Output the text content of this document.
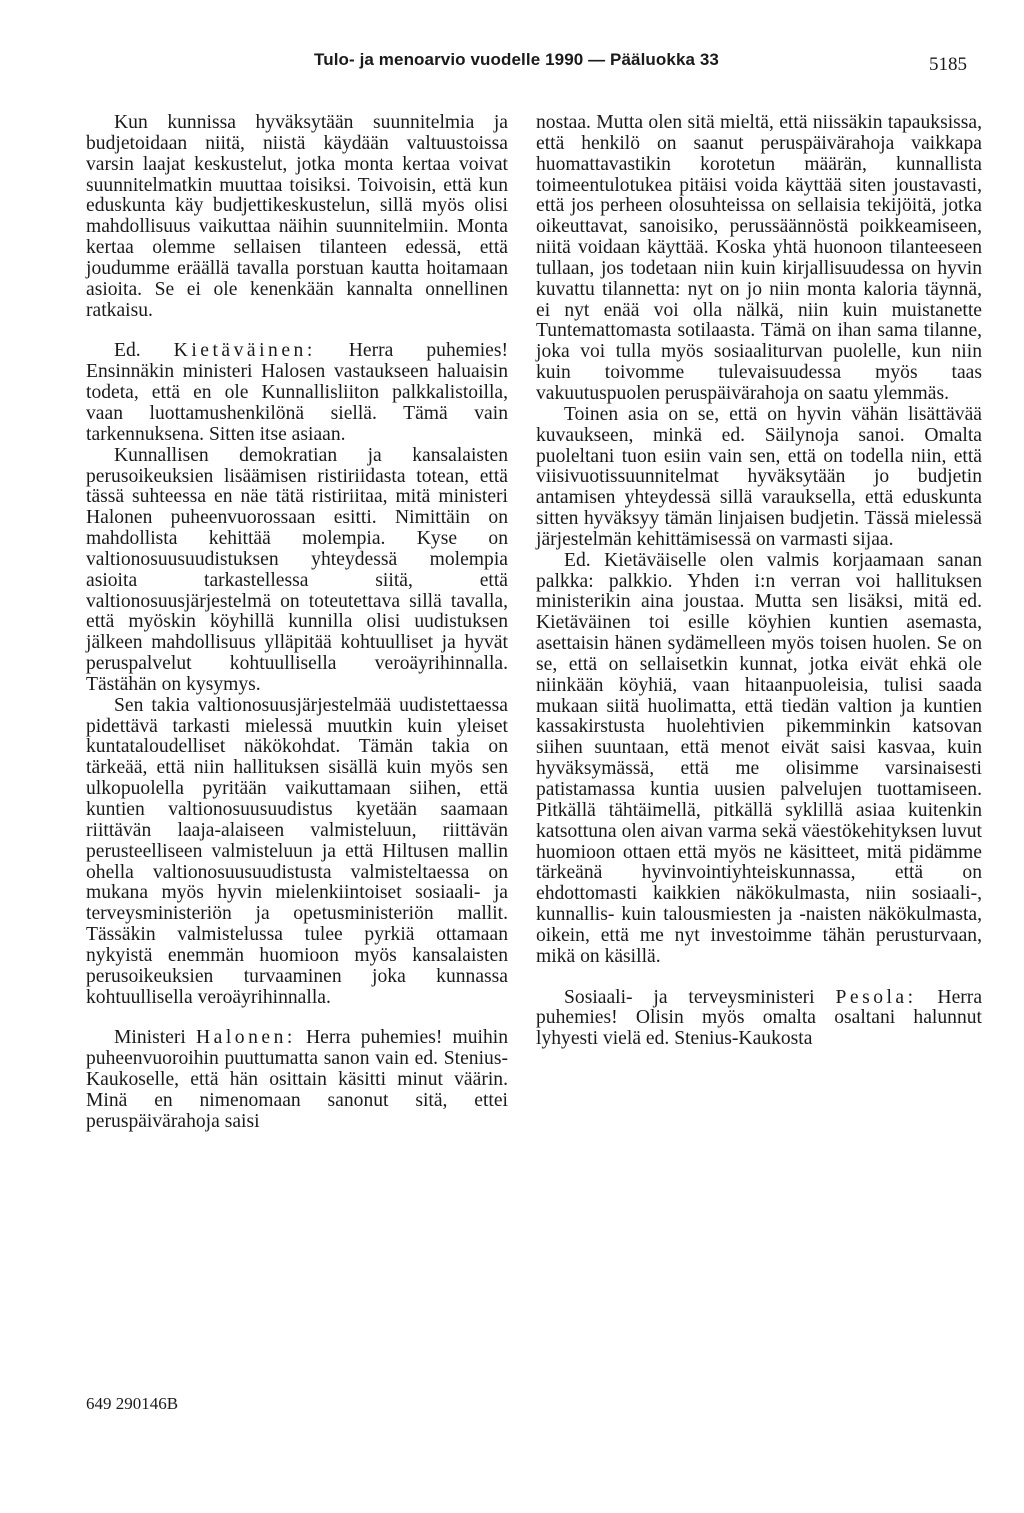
Tulo- ja menoarvio vuodelle 1990 — Pääluokka 33	5185

Kun kunnissa hyväksytään suunnitelmia ja budjetoidaan niitä, niistä käydään valtuustoissa varsin laajat keskustelut, jotka monta kertaa voivat suunnitelmatkin muuttaa toisiksi. Toivoisin, että kun eduskunta käy budjettikeskustelun, sillä myös olisi mahdollisuus vaikuttaa näihin suunnitelmiin. Monta kertaa olemme sellaisen tilanteen edessä, että joudumme eräällä tavalla porstuan kautta hoitamaan asioita. Se ei ole kenenkään kannalta onnellinen ratkaisu.

Ed. Kietäväinen: Herra puhemies! Ensinnäkin ministeri Halosen vastaukseen haluaisin todeta, että en ole Kunnallisliiton palkkalistoilla, vaan luottamushenkilönä siellä. Tämä vain tarkennuksena. Sitten itse asiaan.

Kunnallisen demokratian ja kansalaisten perusoikeuksien lisäämisen ristiriidasta totean, että tässä suhteessa en näe tätä ristiriitaa, mitä ministeri Halonen puheenvuorossaan esitti. Nimittäin on mahdollista kehittää molempia. Kyse on valtionosuusuudistuksen yhteydessä molempia asioita tarkastellessa siitä, että valtionosuusjärjestelmä on toteutettava sillä tavalla, että myöskin köyhillä kunnilla olisi uudistuksen jälkeen mahdollisuus ylläpitää kohtuulliset ja hyvät peruspalvelut kohtuullisella veroäyrihinnalla. Tästähän on kysymys.

Sen takia valtionosuusjärjestelmää uudistettaessa pidettävä tarkasti mielessä muutkin kuin yleiset kuntataloudelliset näkökohdat. Tämän takia on tärkeää, että niin hallituksen sisällä kuin myös sen ulkopuolella pyritään vaikuttamaan siihen, että kuntien valtionosuusuudistus kyetään saamaan riittävän laaja-alaiseen valmisteluun, riittävän perusteelliseen valmisteluun ja että Hiltusen mallin ohella valtionosuusuudistusta valmisteltaessa on mukana myös hyvin mielenkiintoiset sosiaali- ja terveysministeriön ja opetusministeriön mallit. Tässäkin valmistelussa tulee pyrkiä ottamaan nykyistä enemmän huomioon myös kansalaisten perusoikeuksien turvaaminen joka kunnassa kohtuullisella veroäyrihinnalla.

Ministeri Halonen: Herra puhemies! muihin puheenvuoroihin puuttumatta sanon vain ed. Stenius-Kaukoselle, että hän osittain käsitti minut väärin. Minä en nimenomaan sanonut sitä, ettei peruspäivärahoja saisi

nostaa. Mutta olen sitä mieltä, että niissäkin tapauksissa, että henkilö on saanut peruspäivärahoja vaikkapa huomattavastikin korotetun määrän, kunnallista toimeentulotukea pitäisi voida käyttää siten joustavasti, että jos perheen olosuhteissa on sellaisia tekijöitä, jotka oikeuttavat, sanoisiko, perussäännöstä poikkeamiseen, niitä voidaan käyttää. Koska yhtä huonoon tilanteeseen tullaan, jos todetaan niin kuin kirjallisuudessa on hyvin kuvattu tilannetta: nyt on jo niin monta kaloria täynnä, ei nyt enää voi olla nälkä, niin kuin muistanette Tuntemattomasta sotilaasta. Tämä on ihan sama tilanne, joka voi tulla myös sosiaaliturvan puolelle, kun niin kuin toivomme tulevaisuudessa myös taas vakuutuspuolen peruspäivärahoja on saatu ylemmäs.

Toinen asia on se, että on hyvin vähän lisättävää kuvaukseen, minkä ed. Säilynoja sanoi. Omalta puoleltani tuon esiin vain sen, että on todella niin, että viisivuotissuunnitelmat hyväksytään jo budjetin antamisen yhteydessä sillä varauksella, että eduskunta sitten hyväksyy tämän linjaisen budjetin. Tässä mielessä järjestelmän kehittämisessä on varmasti sijaa.

Ed. Kietäväiselle olen valmis korjaamaan sanan palkka: palkkio. Yhden i:n verran voi hallituksen ministerikin aina joustaa. Mutta sen lisäksi, mitä ed. Kietäväinen toi esille köyhien kuntien asemasta, asettaisin hänen sydämelleen myös toisen huolen. Se on se, että on sellaisetkin kunnat, jotka eivät ehkä ole niinkään köyhiä, vaan hitaanpuoleisia, tulisi saada mukaan siitä huolimatta, että tiedän valtion ja kuntien kassakirstusta huolehtivien pikemminkin katsovan siihen suuntaan, että menot eivät saisi kasvaa, kuin hyväksymässä, että me olisimme varsinaisesti patistamassa kuntia uusien palvelujen tuottamiseen. Pitkällä tähtäimellä, pitkällä syklillä asiaa kuitenkin katsottuna olen aivan varma sekä väestökehityksen luvut huomioon ottaen että myös ne käsitteet, mitä pidämme tärkeänä hyvinvointiyhteiskunnassa, että on ehdottomasti kaikkien näkökulmasta, niin sosiaali-, kunnallis- kuin talousmiesten ja -naisten näkökulmasta, oikein, että me nyt investoimme tähän perusturvaan, mikä on käsillä.

Sosiaali- ja terveysministeri Pesola: Herra puhemies! Olisin myös omalta osaltani halunnut lyhyesti vielä ed. Stenius-Kaukosta

649 290146B
